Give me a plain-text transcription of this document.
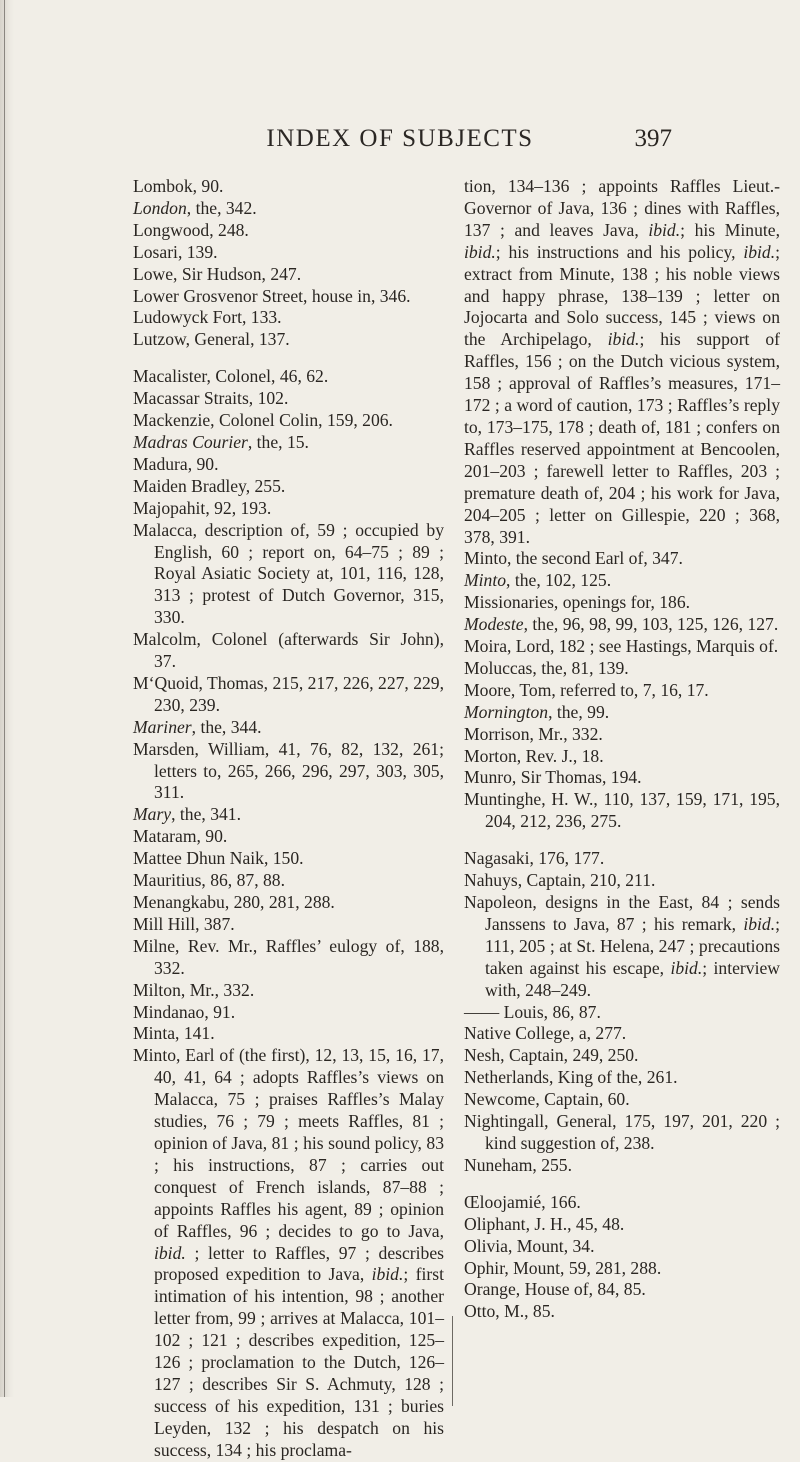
INDEX OF SUBJECTS	397

Lombok, 90.

London, the, 342.

Longwood, 248.

Losari, 139.

Lowe, Sir Hudson, 247.

Lower Grosvenor Street, house in, 346.

Ludowyck Fort, 133.

Lutzow, General, 137.

Macalister, Colonel, 46, 62.

Macassar Straits, 102.

Mackenzie, Colonel Colin, 159, 206.

Madras Courier, the, 15.

Madura, 90.

Maiden Bradley, 255.

Majopahit, 92, 193.

Malacca, description of, 59 ; occupied by English, 60 ; report on, 64–75 ; 89 ; Royal Asiatic Society at, 101, 116, 128, 313 ; protest of Dutch Governor, 315, 330.

Malcolm, Colonel (afterwards Sir John), 37.

M‘Quoid, Thomas, 215, 217, 226, 227, 229, 230, 239.

Mariner, the, 344.

Marsden, William, 41, 76, 82, 132, 261; letters to, 265, 266, 296, 297, 303, 305, 311.

Mary, the, 341.

Mataram, 90.

Mattee Dhun Naik, 150.

Mauritius, 86, 87, 88.

Menangkabu, 280, 281, 288.

Mill Hill, 387.

Milne, Rev. Mr., Raffles’ eulogy of, 188, 332.

Milton, Mr., 332.

Mindanao, 91.

Minta, 141.

Minto, Earl of (the first), 12, 13, 15, 16, 17, 40, 41, 64 ; adopts Raffles’s views on Malacca, 75 ; praises Raffles’s Malay studies, 76 ; 79 ; meets Raffles, 81 ; opinion of Java, 81 ; his sound policy, 83 ; his instructions, 87 ; carries out conquest of French islands, 87–88 ; appoints Raffles his agent, 89 ; opinion of Raffles, 96 ; decides to go to Java, ibid. ; letter to Raffles, 97 ; describes proposed expedition to Java, ibid.; first intimation of his intention, 98 ; another letter from, 99 ; arrives at Malacca, 101–102 ; 121 ; describes expedition, 125–126 ; proclamation to the Dutch, 126–127 ; describes Sir S. Achmuty, 128 ; success of his expedition, 131 ; buries Leyden, 132 ; his despatch on his success, 134 ; his proclama-

tion, 134–136 ; appoints Raffles Lieut.-Governor of Java, 136 ; dines with Raffles, 137 ; and leaves Java, ibid.; his Minute, ibid.; his instructions and his policy, ibid.; extract from Minute, 138 ; his noble views and happy phrase, 138–139 ; letter on Jojocarta and Solo success, 145 ; views on the Archipelago, ibid.; his support of Raffles, 156 ; on the Dutch vicious system, 158 ; approval of Raffles’s measures, 171–172 ; a word of caution, 173 ; Raffles’s reply to, 173–175, 178 ; death of, 181 ; confers on Raffles reserved appointment at Bencoolen, 201–203 ; farewell letter to Raffles, 203 ; premature death of, 204 ; his work for Java, 204–205 ; letter on Gillespie, 220 ; 368, 378, 391.

Minto, the second Earl of, 347.

Minto, the, 102, 125.

Missionaries, openings for, 186.

Modeste, the, 96, 98, 99, 103, 125, 126, 127.

Moira, Lord, 182 ; see Hastings, Marquis of.

Moluccas, the, 81, 139.

Moore, Tom, referred to, 7, 16, 17.

Mornington, the, 99.

Morrison, Mr., 332.

Morton, Rev. J., 18.

Munro, Sir Thomas, 194.

Muntinghe, H. W., 110, 137, 159, 171, 195, 204, 212, 236, 275.

Nagasaki, 176, 177.

Nahuys, Captain, 210, 211.

Napoleon, designs in the East, 84 ; sends Janssens to Java, 87 ; his remark, ibid.; 111, 205 ; at St. Helena, 247 ; precautions taken against his escape, ibid.; interview with, 248–249.

—— Louis, 86, 87.

Native College, a, 277.

Nesh, Captain, 249, 250.

Netherlands, King of the, 261.

Newcome, Captain, 60.

Nightingall, General, 175, 197, 201, 220 ; kind suggestion of, 238.

Nuneham, 255.

Œloojamié, 166.

Oliphant, J. H., 45, 48.

Olivia, Mount, 34.

Ophir, Mount, 59, 281, 288.

Orange, House of, 84, 85.

Otto, M., 85.
